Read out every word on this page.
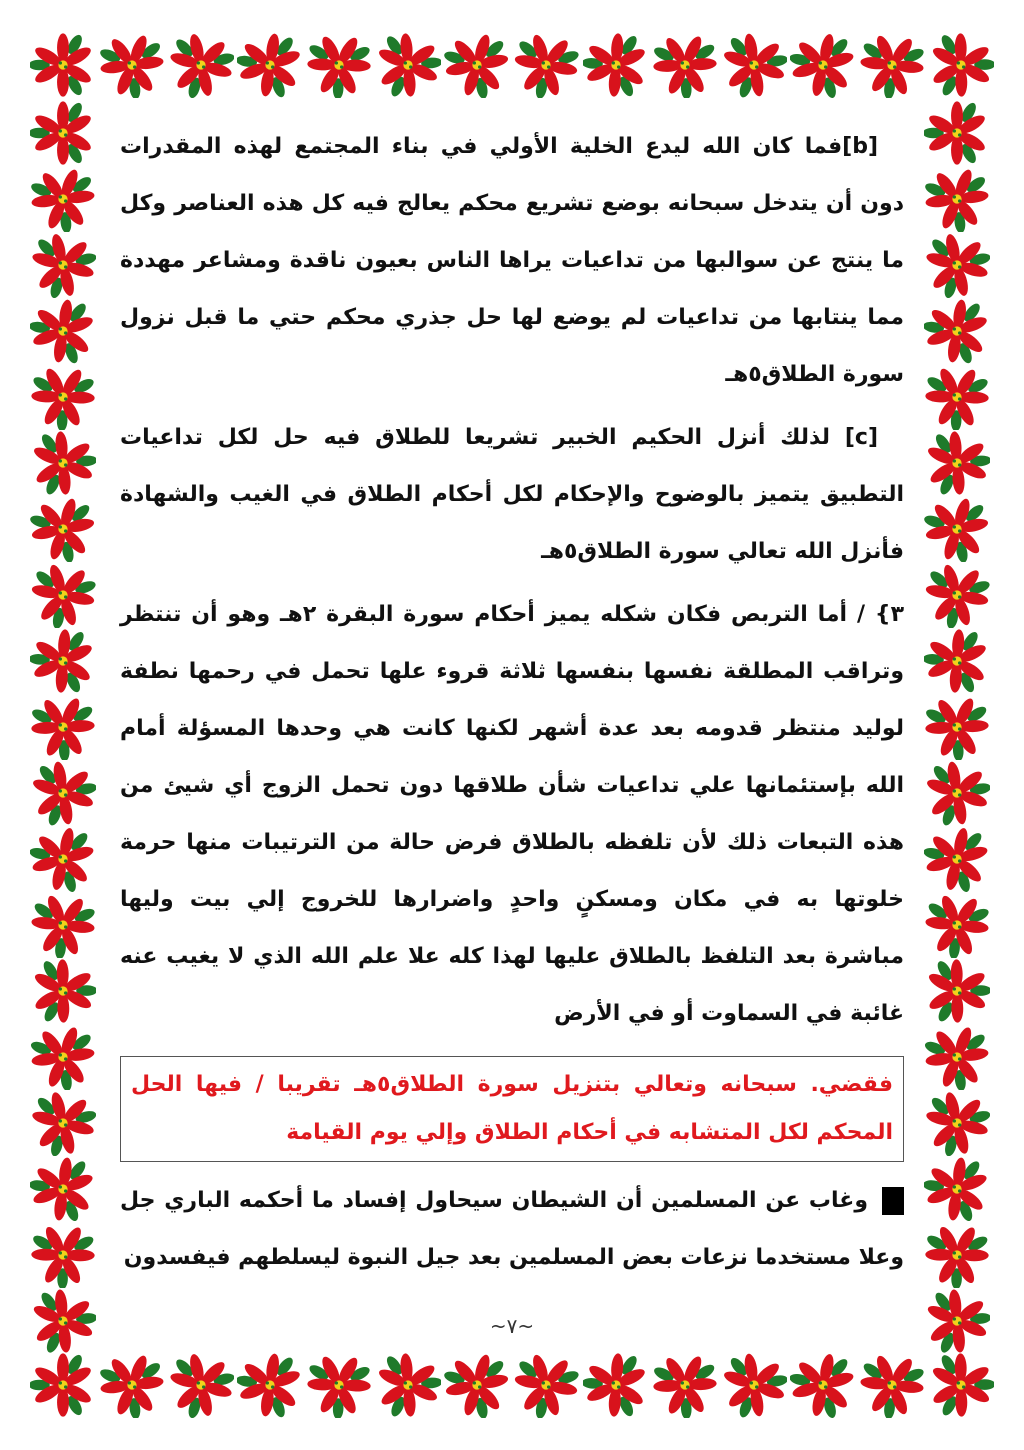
[b]فما كان الله ليدع الخلية الأولي في بناء المجتمع لهذه المقدرات دون أن يتدخل سبحانه بوضع تشريع محكم يعالج فيه كل هذه العناصر وكل ما ينتج عن سوالبها من تداعيات يراها الناس بعيون ناقدة ومشاعر مهددة مما ينتابها من تداعيات لم يوضع لها حل جذري محكم حتي ما قبل نزول سورة الطلاق٥هـ

[c] لذلك أنزل الحكيم الخبير تشريعا للطلاق فيه حل لكل تداعيات التطبيق يتميز بالوضوح والإحكام لكل أحكام الطلاق في الغيب والشهادة فأنزل الله تعالي سورة الطلاق٥هـ

٣} / أما التربص فكان شكله يميز أحكام سورة البقرة ٢هـ وهو أن تنتظر وتراقب المطلقة نفسها بنفسها ثلاثة قروء علها تحمل في رحمها نطفة لوليد منتظر قدومه بعد عدة أشهر لكنها كانت هي وحدها المسؤلة أمام الله بإستئمانها علي تداعيات شأن طلاقها دون تحمل الزوج أي شيئ من هذه التبعات ذلك لأن تلفظه بالطلاق فرض حالة من الترتيبات منها حرمة خلوتها به في مكان ومسكنٍ واحدٍ واضرارها للخروج إلي بيت وليها مباشرة بعد التلفظ بالطلاق عليها لهذا كله علا علم الله الذي لا يغيب عنه غائبة في السماوت أو في الأرض

فقضي. سبحانه وتعالي بتنزيل سورة الطلاق٥هـ تقريبا / فيها الحل المحكم لكل المتشابه في أحكام الطلاق وإلي يوم القيامة

وغاب عن المسلمين أن الشيطان سيحاول إفساد ما أحكمه الباري جل وعلا مستخدما نزعات بعض المسلمين بعد جيل النبوة ليسلطهم فيفسدون

~٧~
